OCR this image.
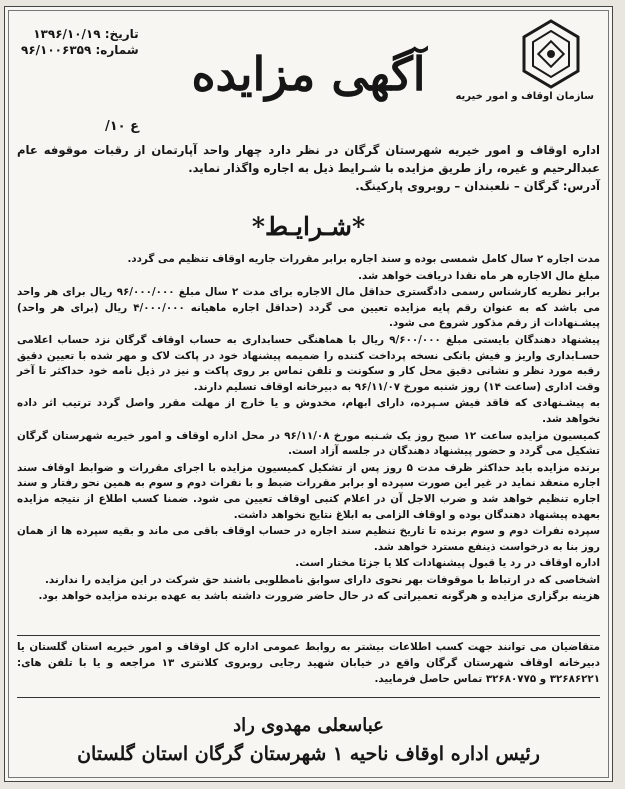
سازمان اوقاف و امور خیریه
آگهی مزایده
تاریخ: ۱۳۹۶/۱۰/۱۹
شماره: ۹۶/۱۰۰۶۳۵۹
/۱۰ ع
اداره اوقاف و امور خیریه شهرستان گرگان در نظر دارد چهار واحد آپارتمان از رقبات موقوفه عام عبدالرحیم و غیره، راز طریق مزایده با شـرایط ذیل به اجاره واگذار نماید.
آدرس: گرگان – نلعبندان – روبروی پارکینگ.
*شـرایـط*

مدت اجاره ۲ سال کامل شمسی بوده و سند اجاره برابر مقررات جاریه اوقاف تنظیم می گردد.

مبلغ مال الاجاره هر ماه نقدا دریافت خواهد شد.

برابر نظریه کارشناس رسمی دادگستری حداقل مال الاجاره برای مدت ۲ سال مبلغ ۹۶/۰۰۰/۰۰۰ ریال برای هر واحد می باشد که به عنوان رقم پایه مزایده تعیین می گردد (حداقل اجاره ماهیانه ۴/۰۰۰/۰۰۰ ریال (برای هر واحد) پیشـنهادات از رقم مذکور شروع می شود.

پیشنهاد دهندگان بایستی مبلغ ۹/۶۰۰/۰۰۰ ریال با هماهنگی حسابداری به حساب اوقاف گرگان نزد حساب اعلامی حسـابداری واریز و فیش بانکی نسخه پرداخت کننده را ضمیمه پیشنهاد خود در پاکت لاک و مهر شده با تعیین دقیق رقبه مورد نظر و نشانی دقیق محل کار و سکونت و تلفن تماس بر روی پاکت و نیز در ذیل نامه خود حداکثر تا آخر وقت اداری (ساعت ۱۴) روز شنبه مورخ ۹۶/۱۱/۰۷ به دبیرخانه اوقاف تسلیم دارند.

به پیشـنهادی که فاقد فیش سـپرده، دارای ابهام، مخدوش و یا خارج از مهلت مقرر واصل گردد ترتیب اثر داده نخواهد شد.

کمیسیون مزایده ساعت ۱۲ صبح روز یک شـنبه مورخ ۹۶/۱۱/۰۸ در محل اداره اوقاف و امور خیریه شهرستان گرگان تشکیل می گردد و حضور پیشنهاد دهندگان در جلسه آزاد است.

برنده مزایده باید حداکثر ظرف مدت ۵ روز پس از تشکیل کمیسیون مزایده با اجرای مقررات و ضوابط اوقاف سند اجاره منعقد نماید در غیر این صورت سپرده او برابر مقررات ضبط و با نفرات دوم و سوم به همین نحو رفتار و سند اجاره تنظیم خواهد شد و ضرب الاجل آن در اعلام کتبی اوقاف تعیین می شود. ضمنا کسب اطلاع از نتیجه مزایده بعهده پیشنهاد دهندگان بوده و اوقاف الزامی به ابلاغ نتایج نخواهد داشت.

سپرده نفرات دوم و سوم برنده تا تاریخ تنظیم سند اجاره در حساب اوقاف باقی می ماند و بقیه سپرده ها از همان روز بنا به درخواست ذینفع مسترد خواهد شد.

اداره اوقاف در رد یا قبول پیشنهادات کلا یا جزئا مختار است.

اشخاصی که در ارتباط با موقوفات بهر نحوی دارای سوابق نامطلوبی باشند حق شرکت در این مزایده را ندارند.

هزینه برگزاری مزایده و هرگونه تعمیراتی که در حال حاضر ضرورت داشته باشد به عهده برنده مزایده خواهد بود.

متقاضیان می توانند جهت کسب اطلاعات بیشتر به روابط عمومی اداره کل اوقاف و امور خیریه استان گلستان یا دبیرخانه اوقاف شهرستان گرگان واقع در خیابان شهید رجایی روبروی کلانتری ۱۳ مراجعه و یا با تلفن های: ۳۲۶۸۶۲۲۱ و ۳۲۶۸۰۷۷۵ تماس حاصل فرمایید.
عباسعلی مهدوی راد
رئیس اداره اوقاف ناحیه ۱ شهرستان گرگان استان گلستان
